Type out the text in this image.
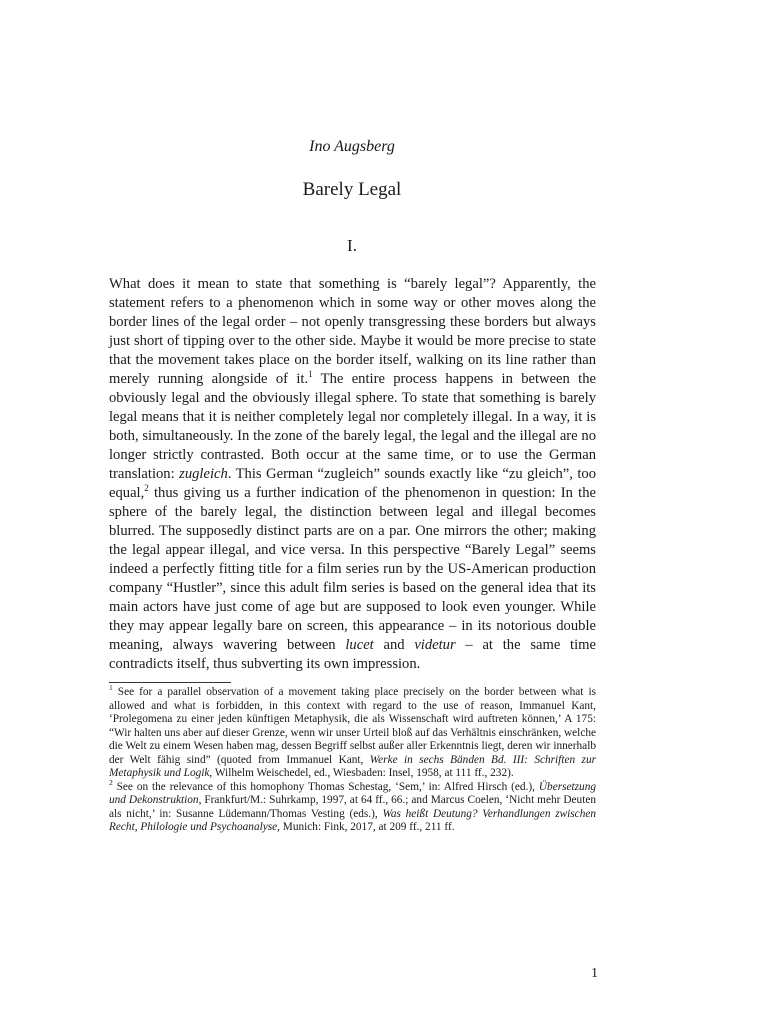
Ino Augsberg
Barely Legal
I.

What does it mean to state that something is “barely legal”? Apparently, the statement refers to a phenomenon which in some way or other moves along the border lines of the legal order – not openly transgressing these borders but always just short of tipping over to the other side. Maybe it would be more precise to state that the movement takes place on the border itself, walking on its line rather than merely running alongside of it.$^1$ The entire process happens in between the obviously legal and the obviously illegal sphere. To state that something is barely legal means that it is neither completely legal nor completely illegal. In a way, it is both, simultaneously. In the zone of the barely legal, the legal and the illegal are no longer strictly contrasted. Both occur at the same time, or to use the German translation: zugleich. This German “zugleich” sounds exactly like “zu gleich”, too equal,$^2$ thus giving us a further indication of the phenomenon in question: In the sphere of the barely legal, the distinction between legal and illegal becomes blurred. The supposedly distinct parts are on a par. One mirrors the other; making the legal appear illegal, and vice versa. In this perspective “Barely Legal” seems indeed a perfectly fitting title for a film series run by the US-American production company “Hustler”, since this adult film series is based on the general idea that its main actors have just come of age but are supposed to look even younger. While they may appear legally bare on screen, this appearance – in its notorious double meaning, always wavering between lucet and videtur – at the same time contradicts itself, thus subverting its own impression.

$^1$ See for a parallel observation of a movement taking place precisely on the border between what is allowed and what is forbidden, in this context with regard to the use of reason, Immanuel Kant, ‘Prolegomena zu einer jeden künftigen Metaphysik, die als Wissenschaft wird auftreten können,’ A 175: “Wir halten uns aber auf dieser Grenze, wenn wir unser Urteil bloß auf das Verhältnis einschränken, welche die Welt zu einem Wesen haben mag, dessen Begriff selbst außer aller Erkenntnis liegt, deren wir innerhalb der Welt fähig sind” (quoted from Immanuel Kant, Werke in sechs Bänden Bd. III: Schriften zur Metaphysik und Logik, Wilhelm Weischedel, ed., Wiesbaden: Insel, 1958, at 111 ff., 232).

$^2$ See on the relevance of this homophony Thomas Schestag, ‘Sem,’ in: Alfred Hirsch (ed.), Übersetzung und Dekonstruktion, Frankfurt/M.: Suhrkamp, 1997, at 64 ff., 66.; and Marcus Coelen, ‘Nicht mehr Deuten als nicht,’ in: Susanne Lüdemann/Thomas Vesting (eds.), Was heißt Deutung? Verhandlungen zwischen Recht, Philologie und Psychoanalyse, Munich: Fink, 2017, at 209 ff., 211 ff.

1
